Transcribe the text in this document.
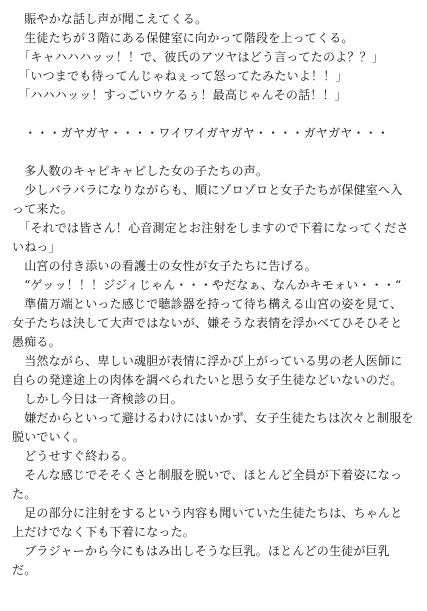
　賑やかな話し声が聞こえてくる。

　生徒たちが３階にある保健室に向かって階段を上ってくる。

　「キャハハハッッ！！で、彼氏のアツヤはどう言ってたのよ？？」

　「いつまでも待ってんじゃねぇって怒ってたみたいよ！！」

　「ハハハッッ！すっごいウケるぅ！最高じゃんその話！！」

　・・・ガヤガヤ・・・・ワイワイガヤガヤ・・・・ガヤガヤ・・・

　多人数のキャピキャピした女の子たちの声。

　少しバラバラになりながらも、順にゾロゾロと女子たちが保健室へ入って来た。

　「それでは皆さん！心音測定とお注射をしますので下着になってくださいねっ」

　山宮の付き添いの看護士の女性が女子たちに告げる。

　“ゲッッ！！！ジジィじゃん・・・やだなぁ、なんかキモォい・・・“

　準備万端といった感じで聴診器を持って待ち構える山宮の姿を見て、女子たちは決して大声ではないが、嫌そうな表情を浮かべてひそひそと愚痴る。

　当然ながら、卑しい魂胆が表情に浮かび上がっている男の老人医師に自らの発達途上の肉体を調べられたいと思う女子生徒などいないのだ。

　しかし今日は一斉検診の日。

　嫌だからといって避けるわけにはいかず、女子生徒たちは次々と制服を脱いでいく。

　どうせすぐ終わる。

　そんな感じでそそくさと制服を脱いで、ほとんど全員が下着姿になった。

　足の部分に注射をするという内容も聞いていた生徒たちは、ちゃんと上だけでなく下も下着になった。

　ブラジャーから今にもはみ出しそうな巨乳。ほとんどの生徒が巨乳だ。
